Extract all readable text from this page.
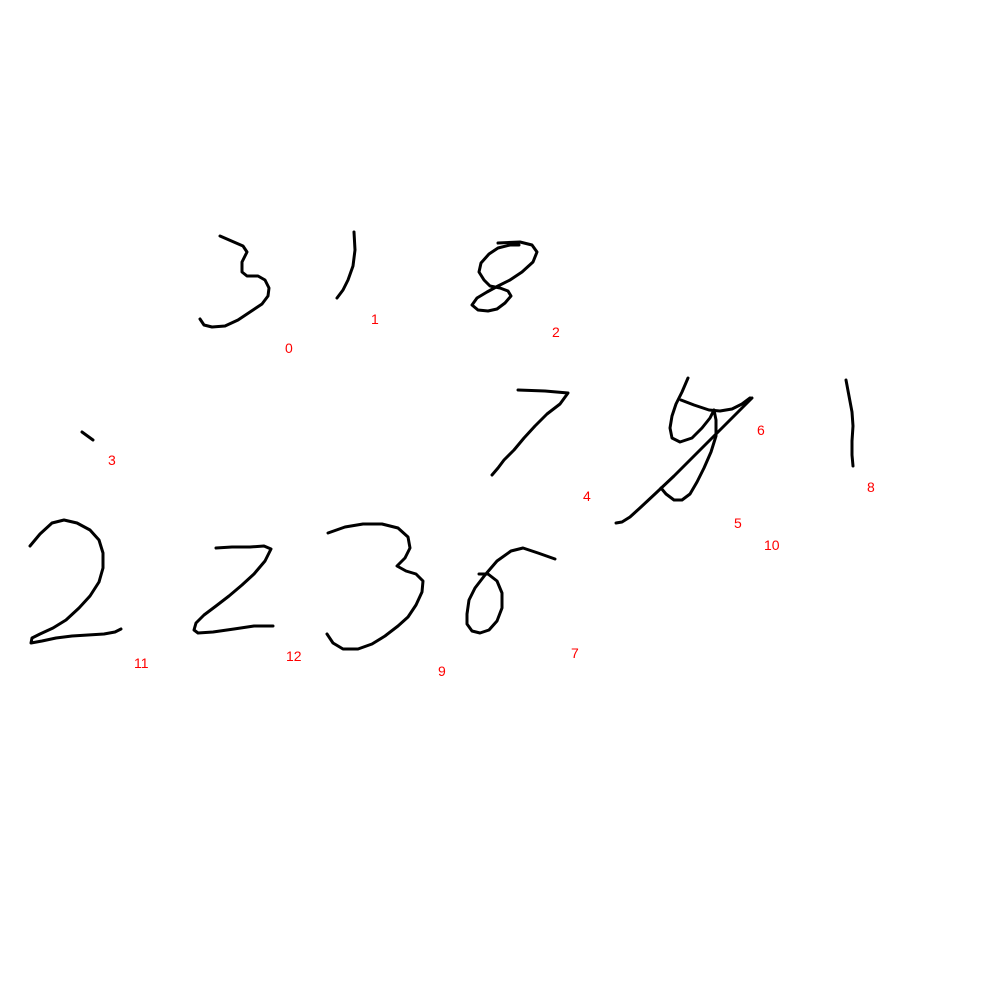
0
1
2
3
4
5
6
7
8
9
10
11	12
